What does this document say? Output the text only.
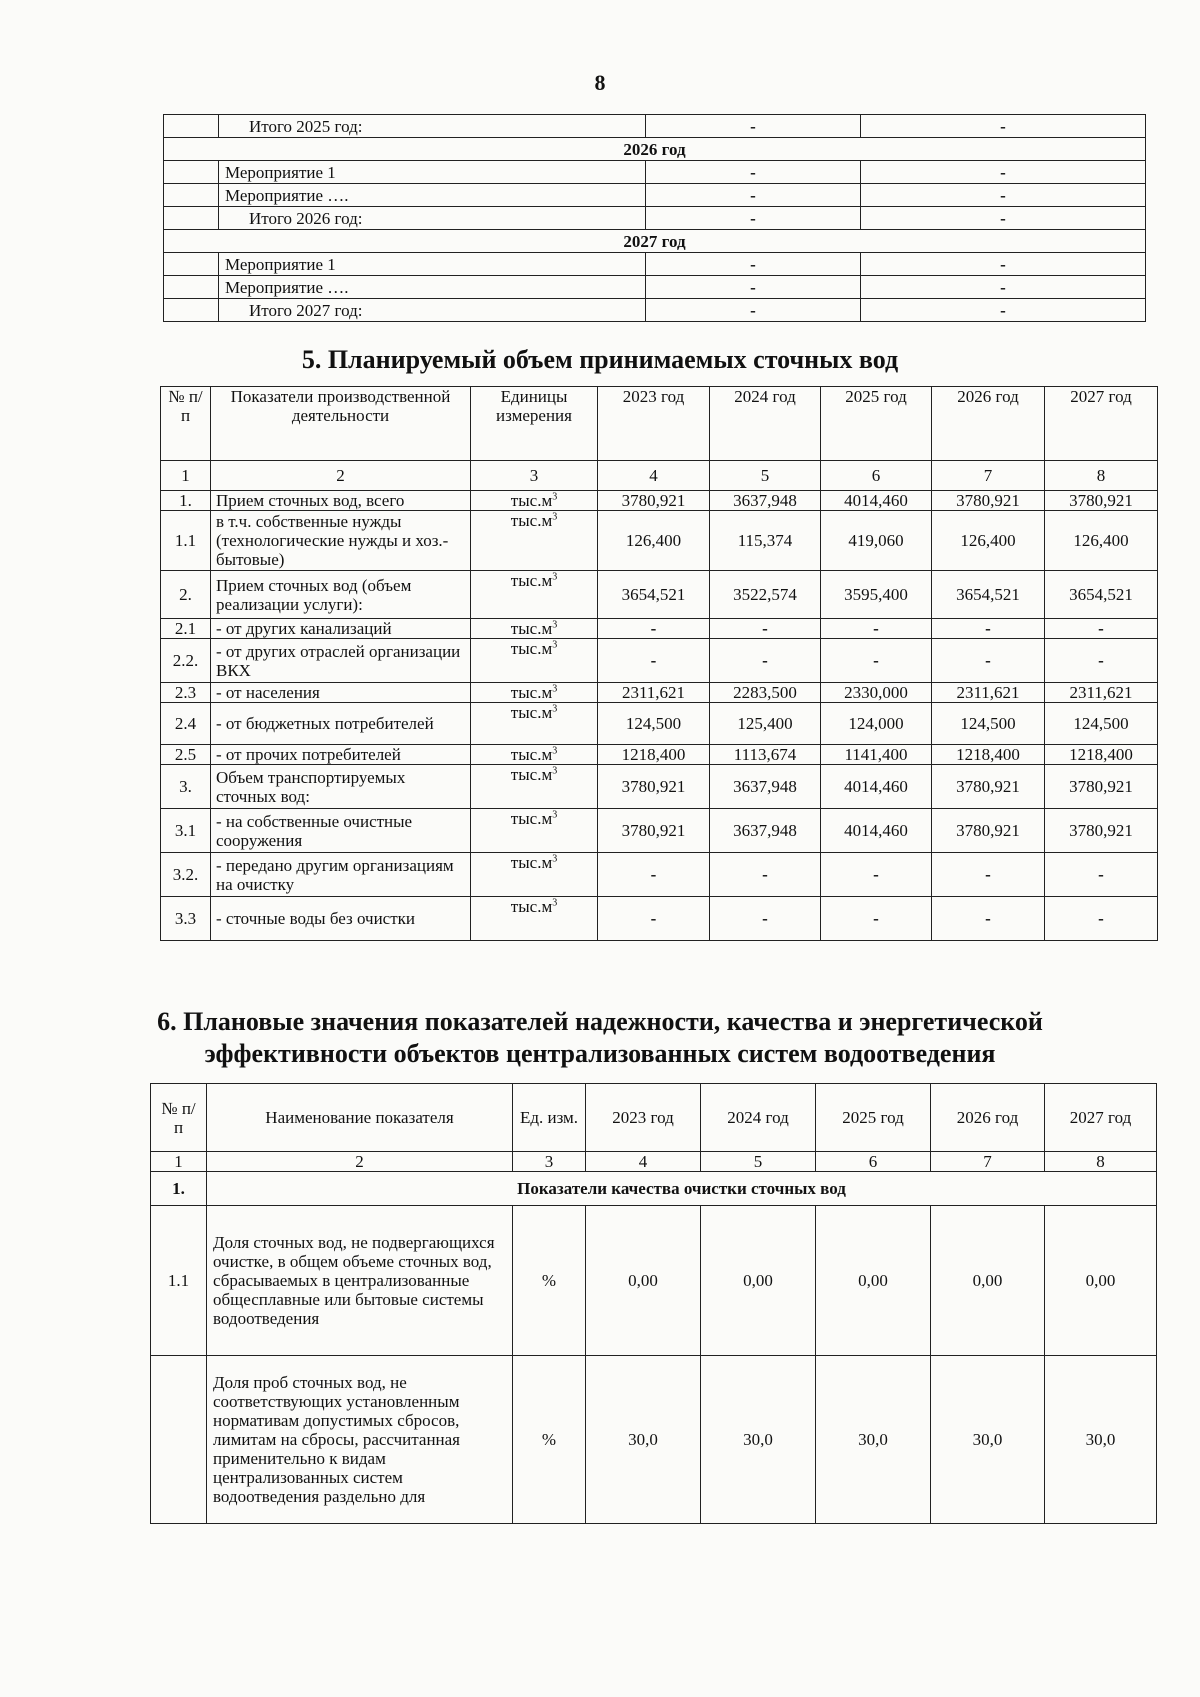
8
	Итого 2025 год:	-	-
2026 год			
	Мероприятие 1	-	-
	Мероприятие ….	-	-
	Итого 2026 год:	-	-
2027 год			
	Мероприятие 1	-	-
	Мероприятие ….	-	-
	Итого 2027 год:	-	-
5. Планируемый объем принимаемых сточных вод
№ п/п	Показатели производственной деятельности	Единицы измерения	2023 год	2024 год	2025 год	2026 год	2027 год
1	2	3	4	5	6	7	8
1.	Прием сточных вод, всего	$тыс.м^3$	3780,921	3637,948	4014,460	3780,921	3780,921
1.1	в т.ч. собственные нужды (технологические нужды и хоз.-бытовые)	$тыс.м^3$	126,400	115,374	419,060	126,400	126,400
2.	Прием сточных вод (объем реализации услуги):	$тыс.м^3$	3654,521	3522,574	3595,400	3654,521	3654,521
2.1	- от других канализаций	$тыс.м^3$	-	-	-	-	-
2.2.	- от других отраслей организации ВКХ	$тыс.м^3$	-	-	-	-	-
2.3	- от населения	$тыс.м^3$	2311,621	2283,500	2330,000	2311,621	2311,621
2.4	- от бюджетных потребителей	$тыс.м^3$	124,500	125,400	124,000	124,500	124,500
2.5	- от прочих потребителей	$тыс.м^3$	1218,400	1113,674	1141,400	1218,400	1218,400
3.	Объем транспортируемых сточных вод:	$тыс.м^3$	3780,921	3637,948	4014,460	3780,921	3780,921
3.1	- на собственные очистные сооружения	$тыс.м^3$	3780,921	3637,948	4014,460	3780,921	3780,921
3.2.	- передано другим организациям на очистку	$тыс.м^3$	-	-	-	-	-
3.3	- сточные воды без очистки	$тыс.м^3$	-	-	-	-	-
6. Плановые значения показателей надежности, качества и энергетической
эффективности объектов централизованных систем водоотведения
№ п/п	Наименование показателя	Ед. изм.	2023 год	2024 год	2025 год	2026 год	2027 год
1	2	3	4	5	6	7	8
1.	Показатели качества очистки сточных вод						
1.1	Доля сточных вод, не подвергающихся очистке, в общем объеме сточных вод, сбрасываемых в централизованные общесплавные или бытовые системы водоотведения	%	0,00	0,00	0,00	0,00	0,00
	Доля проб сточных вод, не соответствующих установленным нормативам допустимых сбросов, лимитам на сбросы, рассчитанная применительно к видам централизованных систем водоотведения раздельно для	%	30,0	30,0	30,0	30,0	30,0
